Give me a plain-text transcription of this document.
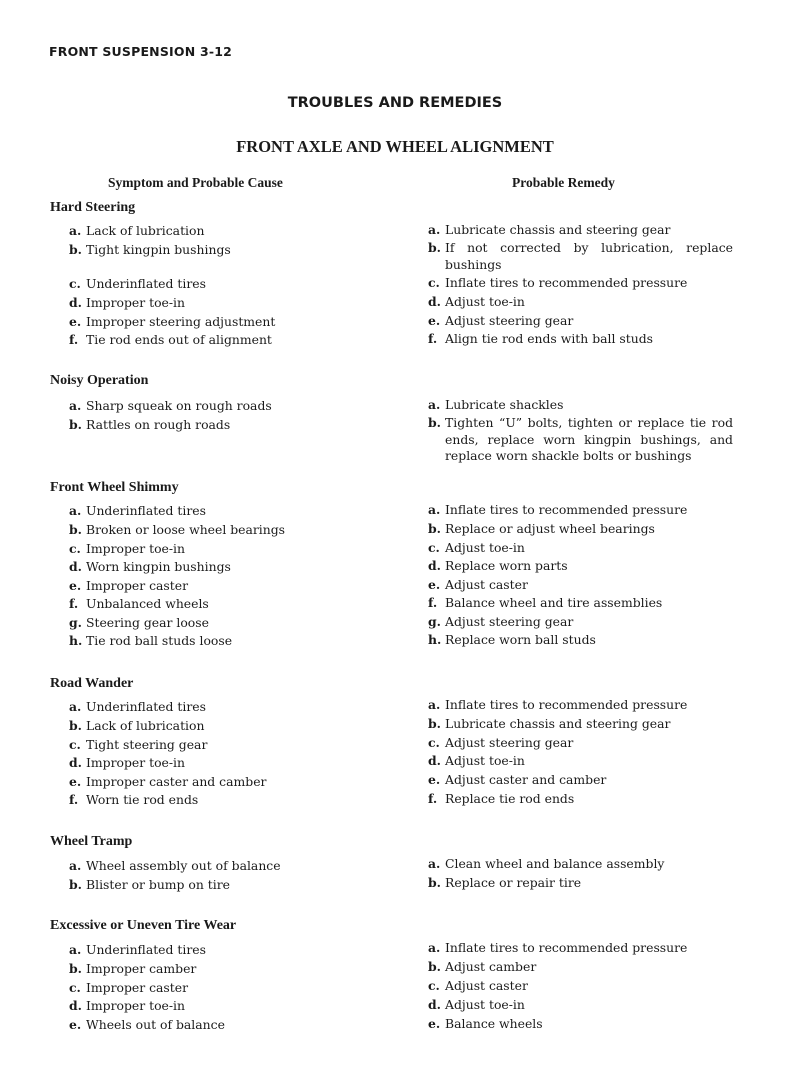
FRONT SUSPENSION 3-12
TROUBLES AND REMEDIES
FRONT AXLE AND WHEEL ALIGNMENT
Symptom and Probable Cause	Probable Remedy
Hard Steering
a. Lack of lubrication
b. Tight kingpin bushings
c. Underinflated tires
d. Improper toe-in
e. Improper steering adjustment
f. Tie rod ends out of alignment
a. Lubricate chassis and steering gear
b. If not corrected by lubrication, replace bushings
c. Inflate tires to recommended pressure
d. Adjust toe-in
e. Adjust steering gear
f. Align tie rod ends with ball studs
Noisy Operation
a. Sharp squeak on rough roads
b. Rattles on rough roads
a. Lubricate shackles
b. Tighten “U” bolts, tighten or replace tie rod ends, replace worn kingpin bushings, and replace worn shackle bolts or bushings
Front Wheel Shimmy
a. Underinflated tires
b. Broken or loose wheel bearings
c. Improper toe-in
d. Worn kingpin bushings
e. Improper caster
f. Unbalanced wheels
g. Steering gear loose
h. Tie rod ball studs loose
a. Inflate tires to recommended pressure
b. Replace or adjust wheel bearings
c. Adjust toe-in
d. Replace worn parts
e. Adjust caster
f. Balance wheel and tire assemblies
g. Adjust steering gear
h. Replace worn ball studs
Road Wander
a. Underinflated tires
b. Lack of lubrication
c. Tight steering gear
d. Improper toe-in
e. Improper caster and camber
f. Worn tie rod ends
a. Inflate tires to recommended pressure
b. Lubricate chassis and steering gear
c. Adjust steering gear
d. Adjust toe-in
e. Adjust caster and camber
f. Replace tie rod ends
Wheel Tramp
a. Wheel assembly out of balance
b. Blister or bump on tire
a. Clean wheel and balance assembly
b. Replace or repair tire
Excessive or Uneven Tire Wear
a. Underinflated tires
b. Improper camber
c. Improper caster
d. Improper toe-in
e. Wheels out of balance
a. Inflate tires to recommended pressure
b. Adjust camber
c. Adjust caster
d. Adjust toe-in
e. Balance wheels
